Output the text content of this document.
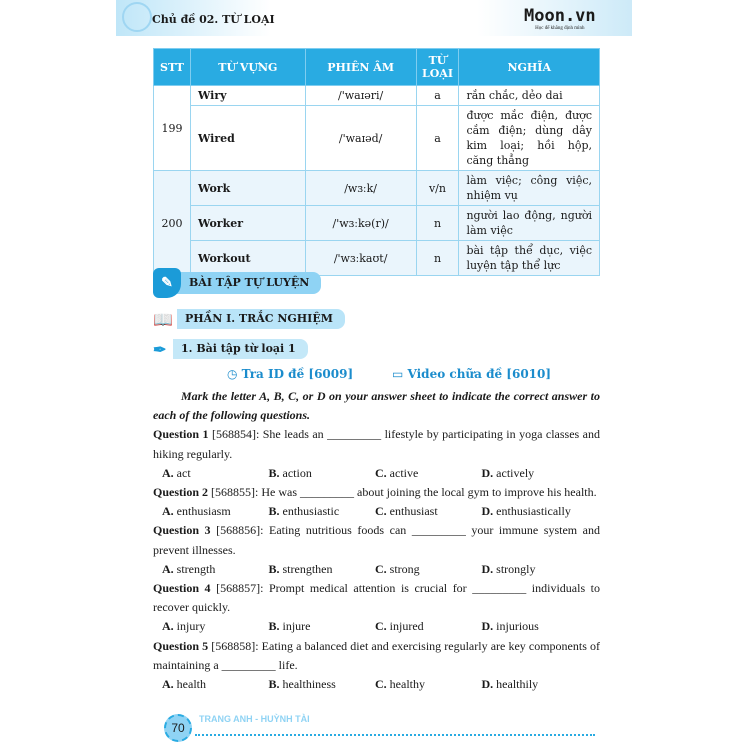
Chủ đề 02. TỪ LOẠI	Moon.vn
Học để khẳng định mình
STT	TỪ VỰNG	PHIÊN ÂM	TỪ LOẠI	NGHĨA
199	Wiry	/'waɪəri/	a	rắn chắc, dẻo dai
	Wired	/'waɪəd/	a	được mắc điện, được cắm điện; dùng dây kim loại; hồi hộp, căng thẳng
200	Work	/wɜːk/	v/n	làm việc; công việc, nhiệm vụ
	Worker	/'wɜːkə(r)/	n	người lao động, người làm việc
	Workout	/'wɜːkaʊt/	n	bài tập thể dục, việc luyện tập thể lực
✎	BÀI TẬP TỰ LUYỆN
📖	PHẦN I. TRẮC NGHIỆM
✒	1. Bài tập từ loại 1
◷ Tra ID đề [6009]	▭ Video chữa đề [6010]
Mark the letter A, B, C, or D on your answer sheet to indicate the correct answer to each of the following questions.
Question 1 [568854]: She leads an _________ lifestyle by participating in yoga classes and hiking regularly.
A. act	B. action	C. active	D. actively
Question 2 [568855]: He was _________ about joining the local gym to improve his health.
A. enthusiasm	B. enthusiastic	C. enthusiast	D. enthusiastically
Question 3 [568856]: Eating nutritious foods can _________ your immune system and prevent illnesses.
A. strength	B. strengthen	C. strong	D. strongly
Question 4 [568857]: Prompt medical attention is crucial for _________ individuals to recover quickly.
A. injury	B. injure	C. injured	D. injurious
Question 5 [568858]: Eating a balanced diet and exercising regularly are key components of maintaining a _________ life.
A. health	B. healthiness	C. healthy	D. healthily
TRANG ANH - HUỲNH TÀI
70
